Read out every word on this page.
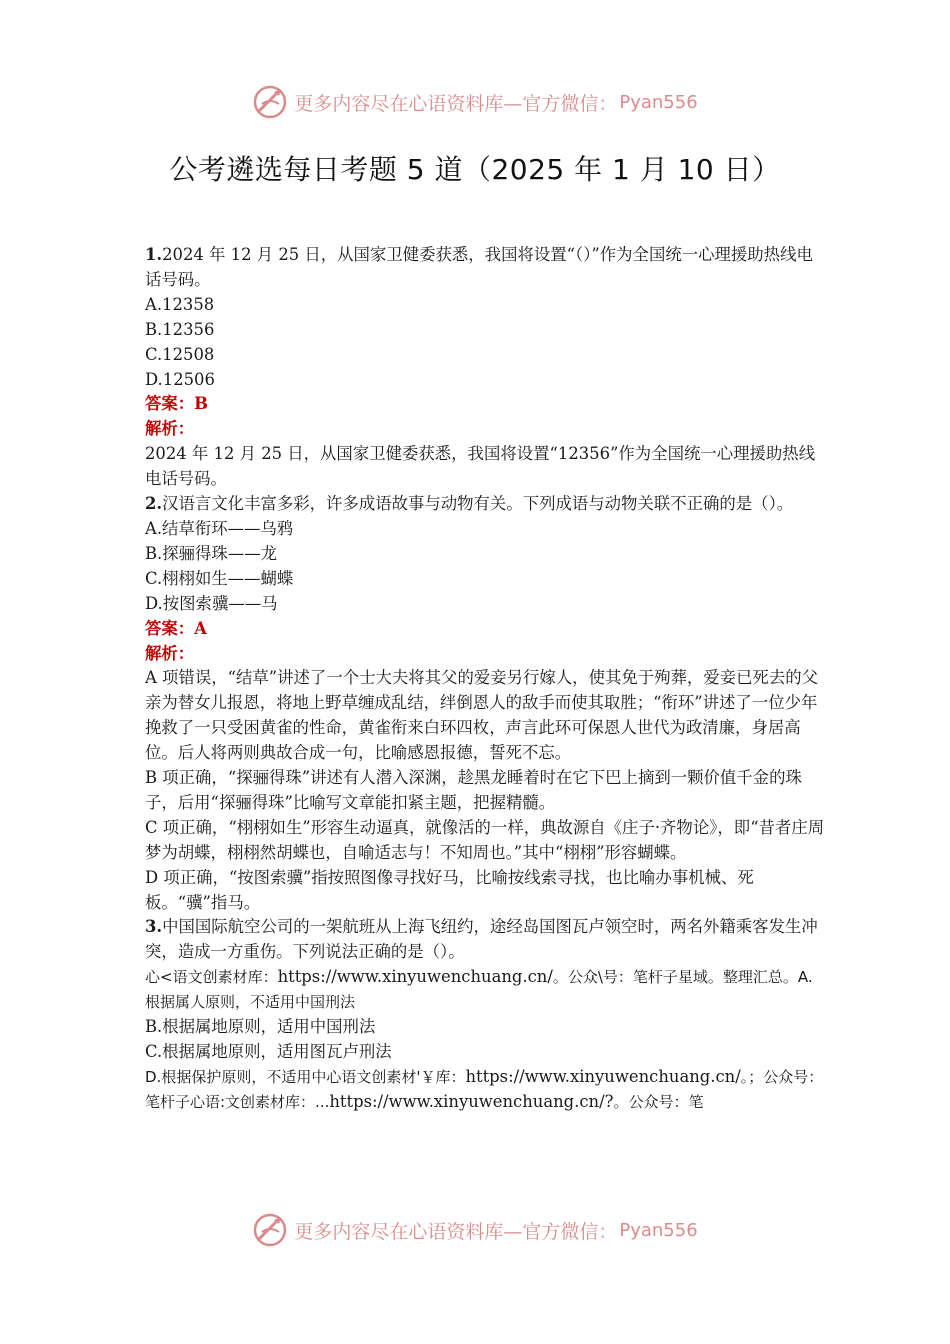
更多内容尽在心语资料库—官方微信： Pyan556
公考遴选每日考题 5 道（2025 年 1 月 10 日）

1.2024 年 12 月 25 日，从国家卫健委获悉，我国将设置“（）”作为全国统一心理援助热线电话号码。

A.12358

B.12356

C.12508

D.12506

答案：B

解析：

2024 年 12 月 25 日，从国家卫健委获悉，我国将设置“12356”作为全国统一心理援助热线电话号码。

2.汉语言文化丰富多彩，许多成语故事与动物有关。下列成语与动物关联不正确的是（）。

A.结草衔环——乌鸦

B.探骊得珠——龙

C.栩栩如生——蝴蝶

D.按图索骥——马

答案：A

解析：

A 项错误，“结草”讲述了一个士大夫将其父的爱妾另行嫁人，使其免于殉葬，爱妾已死去的父亲为替女儿报恩，将地上野草缠成乱结，绊倒恩人的敌手而使其取胜；“衔环”讲述了一位少年挽救了一只受困黄雀的性命，黄雀衔来白环四枚，声言此环可保恩人世代为政清廉，身居高位。后人将两则典故合成一句，比喻感恩报德，誓死不忘。

B 项正确，“探骊得珠”讲述有人潜入深渊，趁黑龙睡着时在它下巴上摘到一颗价值千金的珠子，后用“探骊得珠”比喻写文章能扣紧主题，把握精髓。

C 项正确，“栩栩如生”形容生动逼真，就像活的一样，典故源自《庄子·齐物论》，即“昔者庄周梦为胡蝶，栩栩然胡蝶也，自喻适志与！不知周也。”其中“栩栩”形容蝴蝶。

D 项正确，“按图索骥”指按照图像寻找好马，比喻按线索寻找，也比喻办事机械、死板。“骥”指马。

3.中国国际航空公司的一架航班从上海飞纽约，途经岛国图瓦卢领空时，两名外籍乘客发生冲突，造成一方重伤。下列说法正确的是（）。

心<语文创素材库：https://www.xinyuwenchuang.cn/。公众\号：笔杆子星域。整理汇总。A.根据属人原则，不适用中国刑法

B.根据属地原则，适用中国刑法

C.根据属地原则，适用图瓦卢刑法

D.根据保护原则，不适用中心语文创素材'￥库：https://www.xinyuwenchuang.cn/。；公众号：笔杆子心语:文创素材库：...https://www.xinyuwenchuang.cn/?。公众号：笔

更多内容尽在心语资料库—官方微信： Pyan556
